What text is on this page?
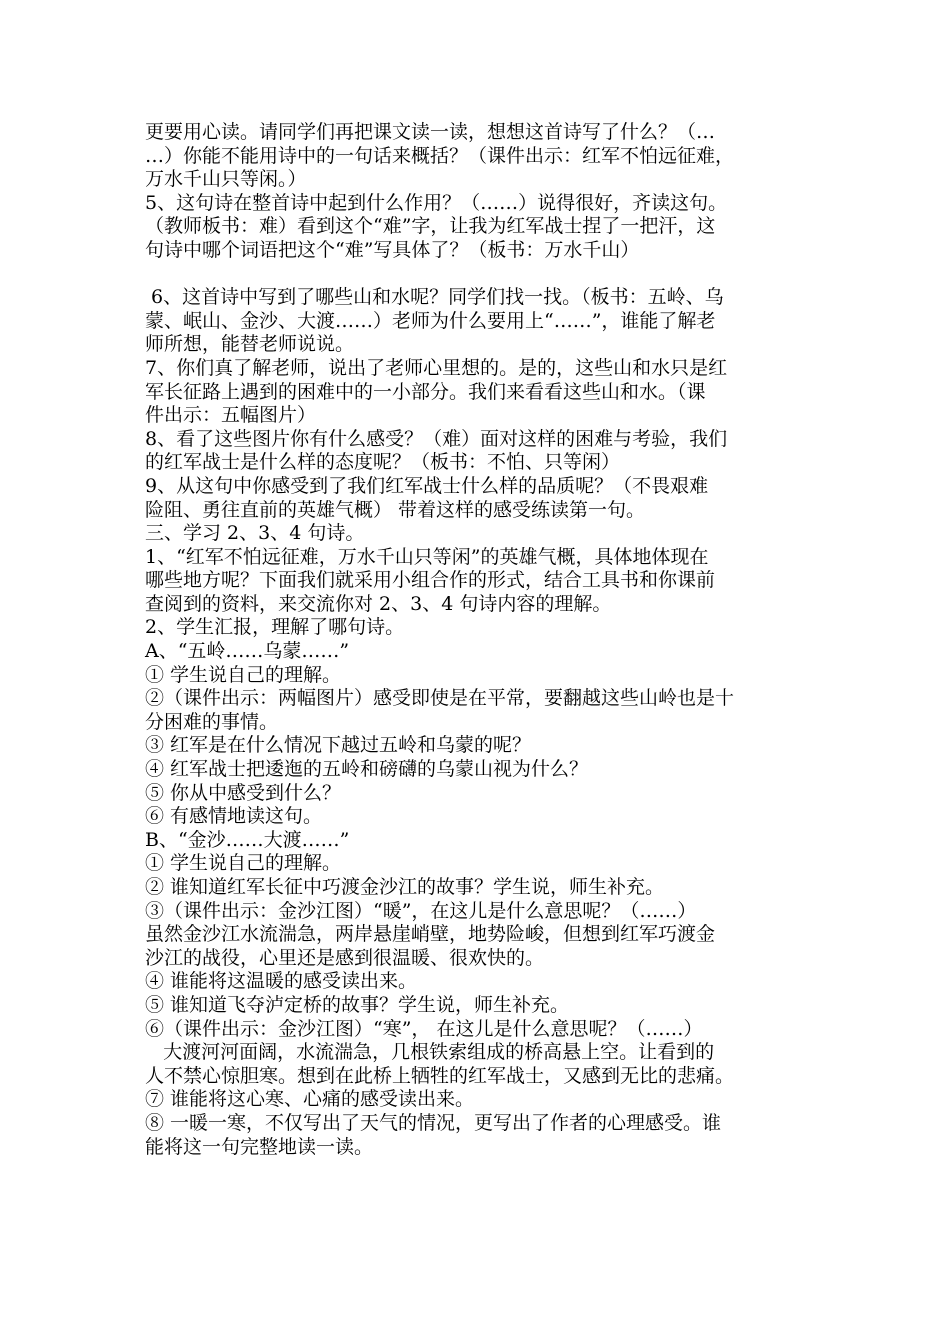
更要用心读。请同学们再把课文读一读，想想这首诗写了什么？（…
…）你能不能用诗中的一句话来概括？（课件出示：红军不怕远征难，
万水千山只等闲。）
5、这句诗在整首诗中起到什么作用？（……）说得很好，齐读这句。
（教师板书：难）看到这个“难”字，让我为红军战士捏了一把汗，这
句诗中哪个词语把这个“难”写具体了？（板书：万水千山）
6、这首诗中写到了哪些山和水呢？同学们找一找。（板书：五岭、乌
蒙、岷山、金沙、大渡……）老师为什么要用上“……”，谁能了解老
师所想，能替老师说说。
7、你们真了解老师，说出了老师心里想的。是的，这些山和水只是红
军长征路上遇到的困难中的一小部分。我们来看看这些山和水。（课
件出示：五幅图片）
8、看了这些图片你有什么感受？（难）面对这样的困难与考验，我们
的红军战士是什么样的态度呢？（板书：不怕、只等闲）
9、从这句中你感受到了我们红军战士什么样的品质呢？（不畏艰难
险阻、勇往直前的英雄气概） 带着这样的感受练读第一句。
三、学习 2、3、4 句诗。
1、“红军不怕远征难，万水千山只等闲”的英雄气概，具体地体现在
哪些地方呢？下面我们就采用小组合作的形式，结合工具书和你课前
查阅到的资料，来交流你对 2、3、4 句诗内容的理解。
2、学生汇报，理解了哪句诗。
A、“五岭……乌蒙……”
① 学生说自己的理解。
②（课件出示：两幅图片）感受即使是在平常，要翻越这些山岭也是十
分困难的事情。
③ 红军是在什么情况下越过五岭和乌蒙的呢？
④ 红军战士把逶迤的五岭和磅礴的乌蒙山视为什么？
⑤ 你从中感受到什么？
⑥ 有感情地读这句。
B、“金沙……大渡……”
① 学生说自己的理解。
② 谁知道红军长征中巧渡金沙江的故事？学生说，师生补充。
③（课件出示：金沙江图）“暖”，在这儿是什么意思呢？（……）
虽然金沙江水流湍急，两岸悬崖峭壁，地势险峻，但想到红军巧渡金
沙江的战役，心里还是感到很温暖、很欢快的。
④ 谁能将这温暖的感受读出来。
⑤ 谁知道飞夺泸定桥的故事？学生说，师生补充。
⑥（课件出示：金沙江图）“寒”， 在这儿是什么意思呢？（……）
大渡河河面阔，水流湍急，几根铁索组成的桥高悬上空。让看到的
人不禁心惊胆寒。想到在此桥上牺牲的红军战士，又感到无比的悲痛。
⑦ 谁能将这心寒、心痛的感受读出来。
⑧ 一暖一寒，不仅写出了天气的情况，更写出了作者的心理感受。谁
能将这一句完整地读一读。
